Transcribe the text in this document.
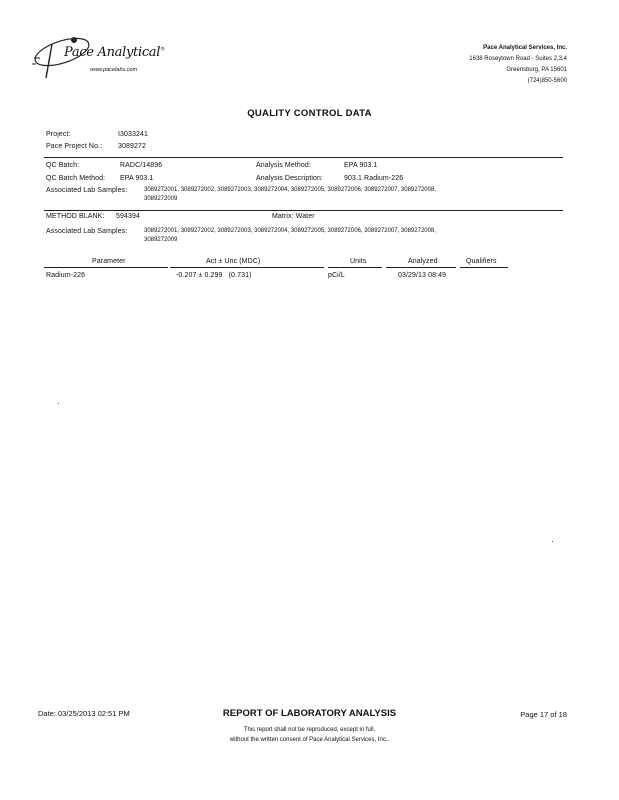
Pace Analytical®
www.pacelabs.com
Pace Analytical Services, Inc.
1638 Roseytown Road - Suites 2,3,4
Greensburg, PA 15601
(724)850-5600
QUALITY CONTROL DATA
Project:	I3033241
Pace Project No.: 3089272
QC Batch:	RADC/14896	Analysis Method:	EPA 903.1
QC Batch Method: EPA 903.1	Analysis Description:	903.1 Radium-226
Associated Lab Samples:	3089272001, 3089272002, 3089272003, 3089272004, 3089272005, 3089272006, 3089272007, 3089272008,
3089272009
METHOD BLANK: 594394	Matrix: Water
Associated Lab Samples:	3089272001, 3089272002, 3089272003, 3089272004, 3089272005, 3089272006, 3089272007, 3089272008,
3089272009
Parameter	Act ± Unc (MDC)	Units	Analyzed	Qualifiers
Radium-226	-0.207 ± 0.299   (0.731)	pCi/L	03/29/13 08:49
Date: 03/25/2013 02:51 PM	REPORT OF LABORATORY ANALYSIS	Page 17 of 18
This report shall not be reproduced, except in full,
without the written consent of Pace Analytical Services, Inc..
